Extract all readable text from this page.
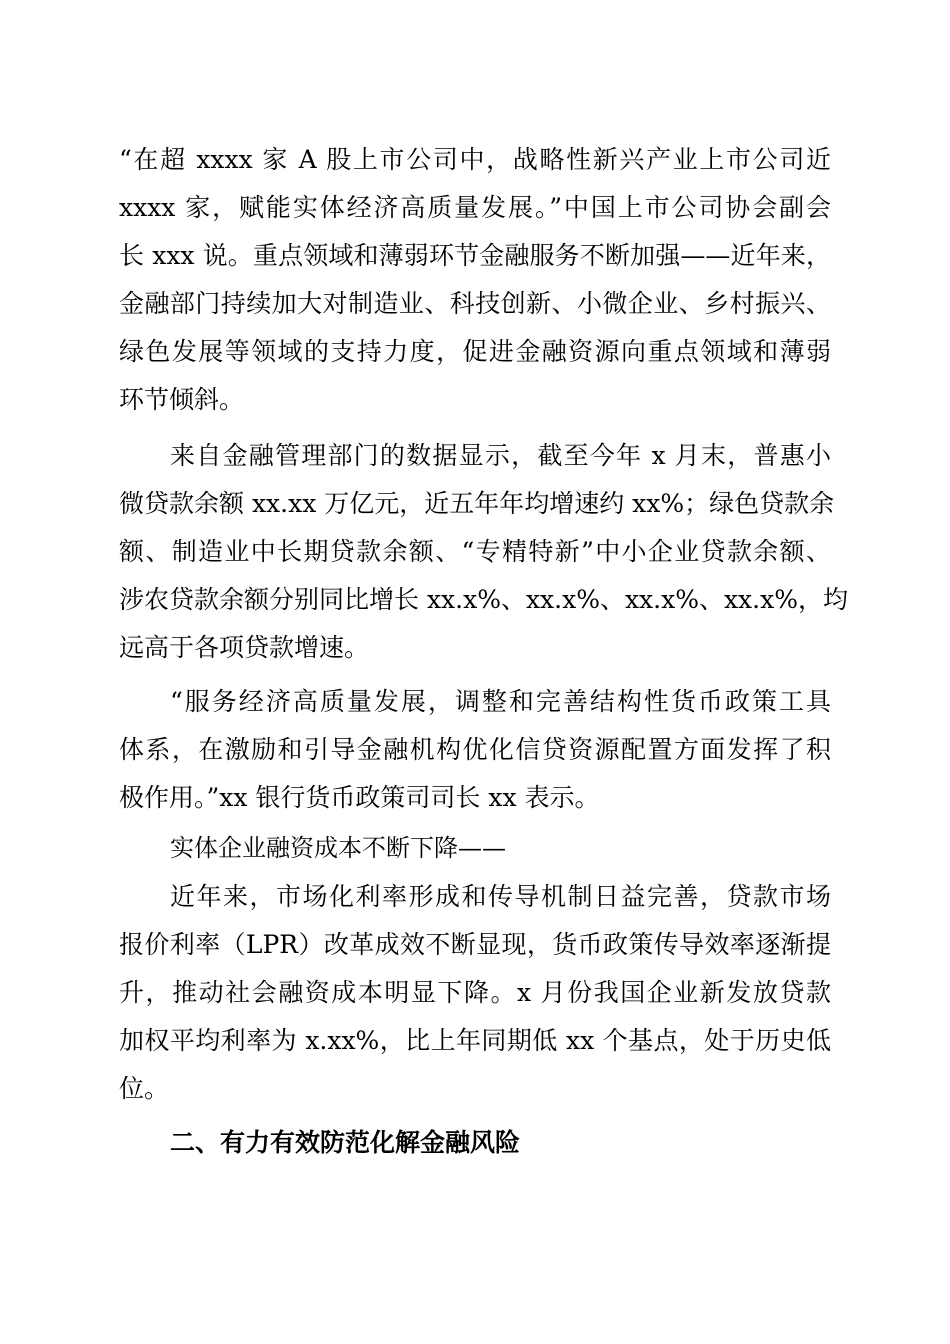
“在超 xxxx 家 A 股上市公司中，战略性新兴产业上市公司近
xxxx 家，赋能实体经济高质量发展。”中国上市公司协会副会
长 xxx 说。重点领域和薄弱环节金融服务不断加强——近年来，
金融部门持续加大对制造业、科技创新、小微企业、乡村振兴、
绿色发展等领域的支持力度，促进金融资源向重点领域和薄弱
环节倾斜。
来自金融管理部门的数据显示，截至今年 x 月末，普惠小
微贷款余额 xx.xx 万亿元，近五年年均增速约 xx%；绿色贷款余
额、制造业中长期贷款余额、“专精特新”中小企业贷款余额、
涉农贷款余额分别同比增长 xx.x%、xx.x%、xx.x%、xx.x%，均
远高于各项贷款增速。
“服务经济高质量发展，调整和完善结构性货币政策工具
体系，在激励和引导金融机构优化信贷资源配置方面发挥了积
极作用。”xx 银行货币政策司司长 xx 表示。
实体企业融资成本不断下降——
近年来，市场化利率形成和传导机制日益完善，贷款市场
报价利率（LPR）改革成效不断显现，货币政策传导效率逐渐提
升，推动社会融资成本明显下降。x 月份我国企业新发放贷款
加权平均利率为 x.xx%，比上年同期低 xx 个基点，处于历史低
位。
二、有力有效防范化解金融风险
